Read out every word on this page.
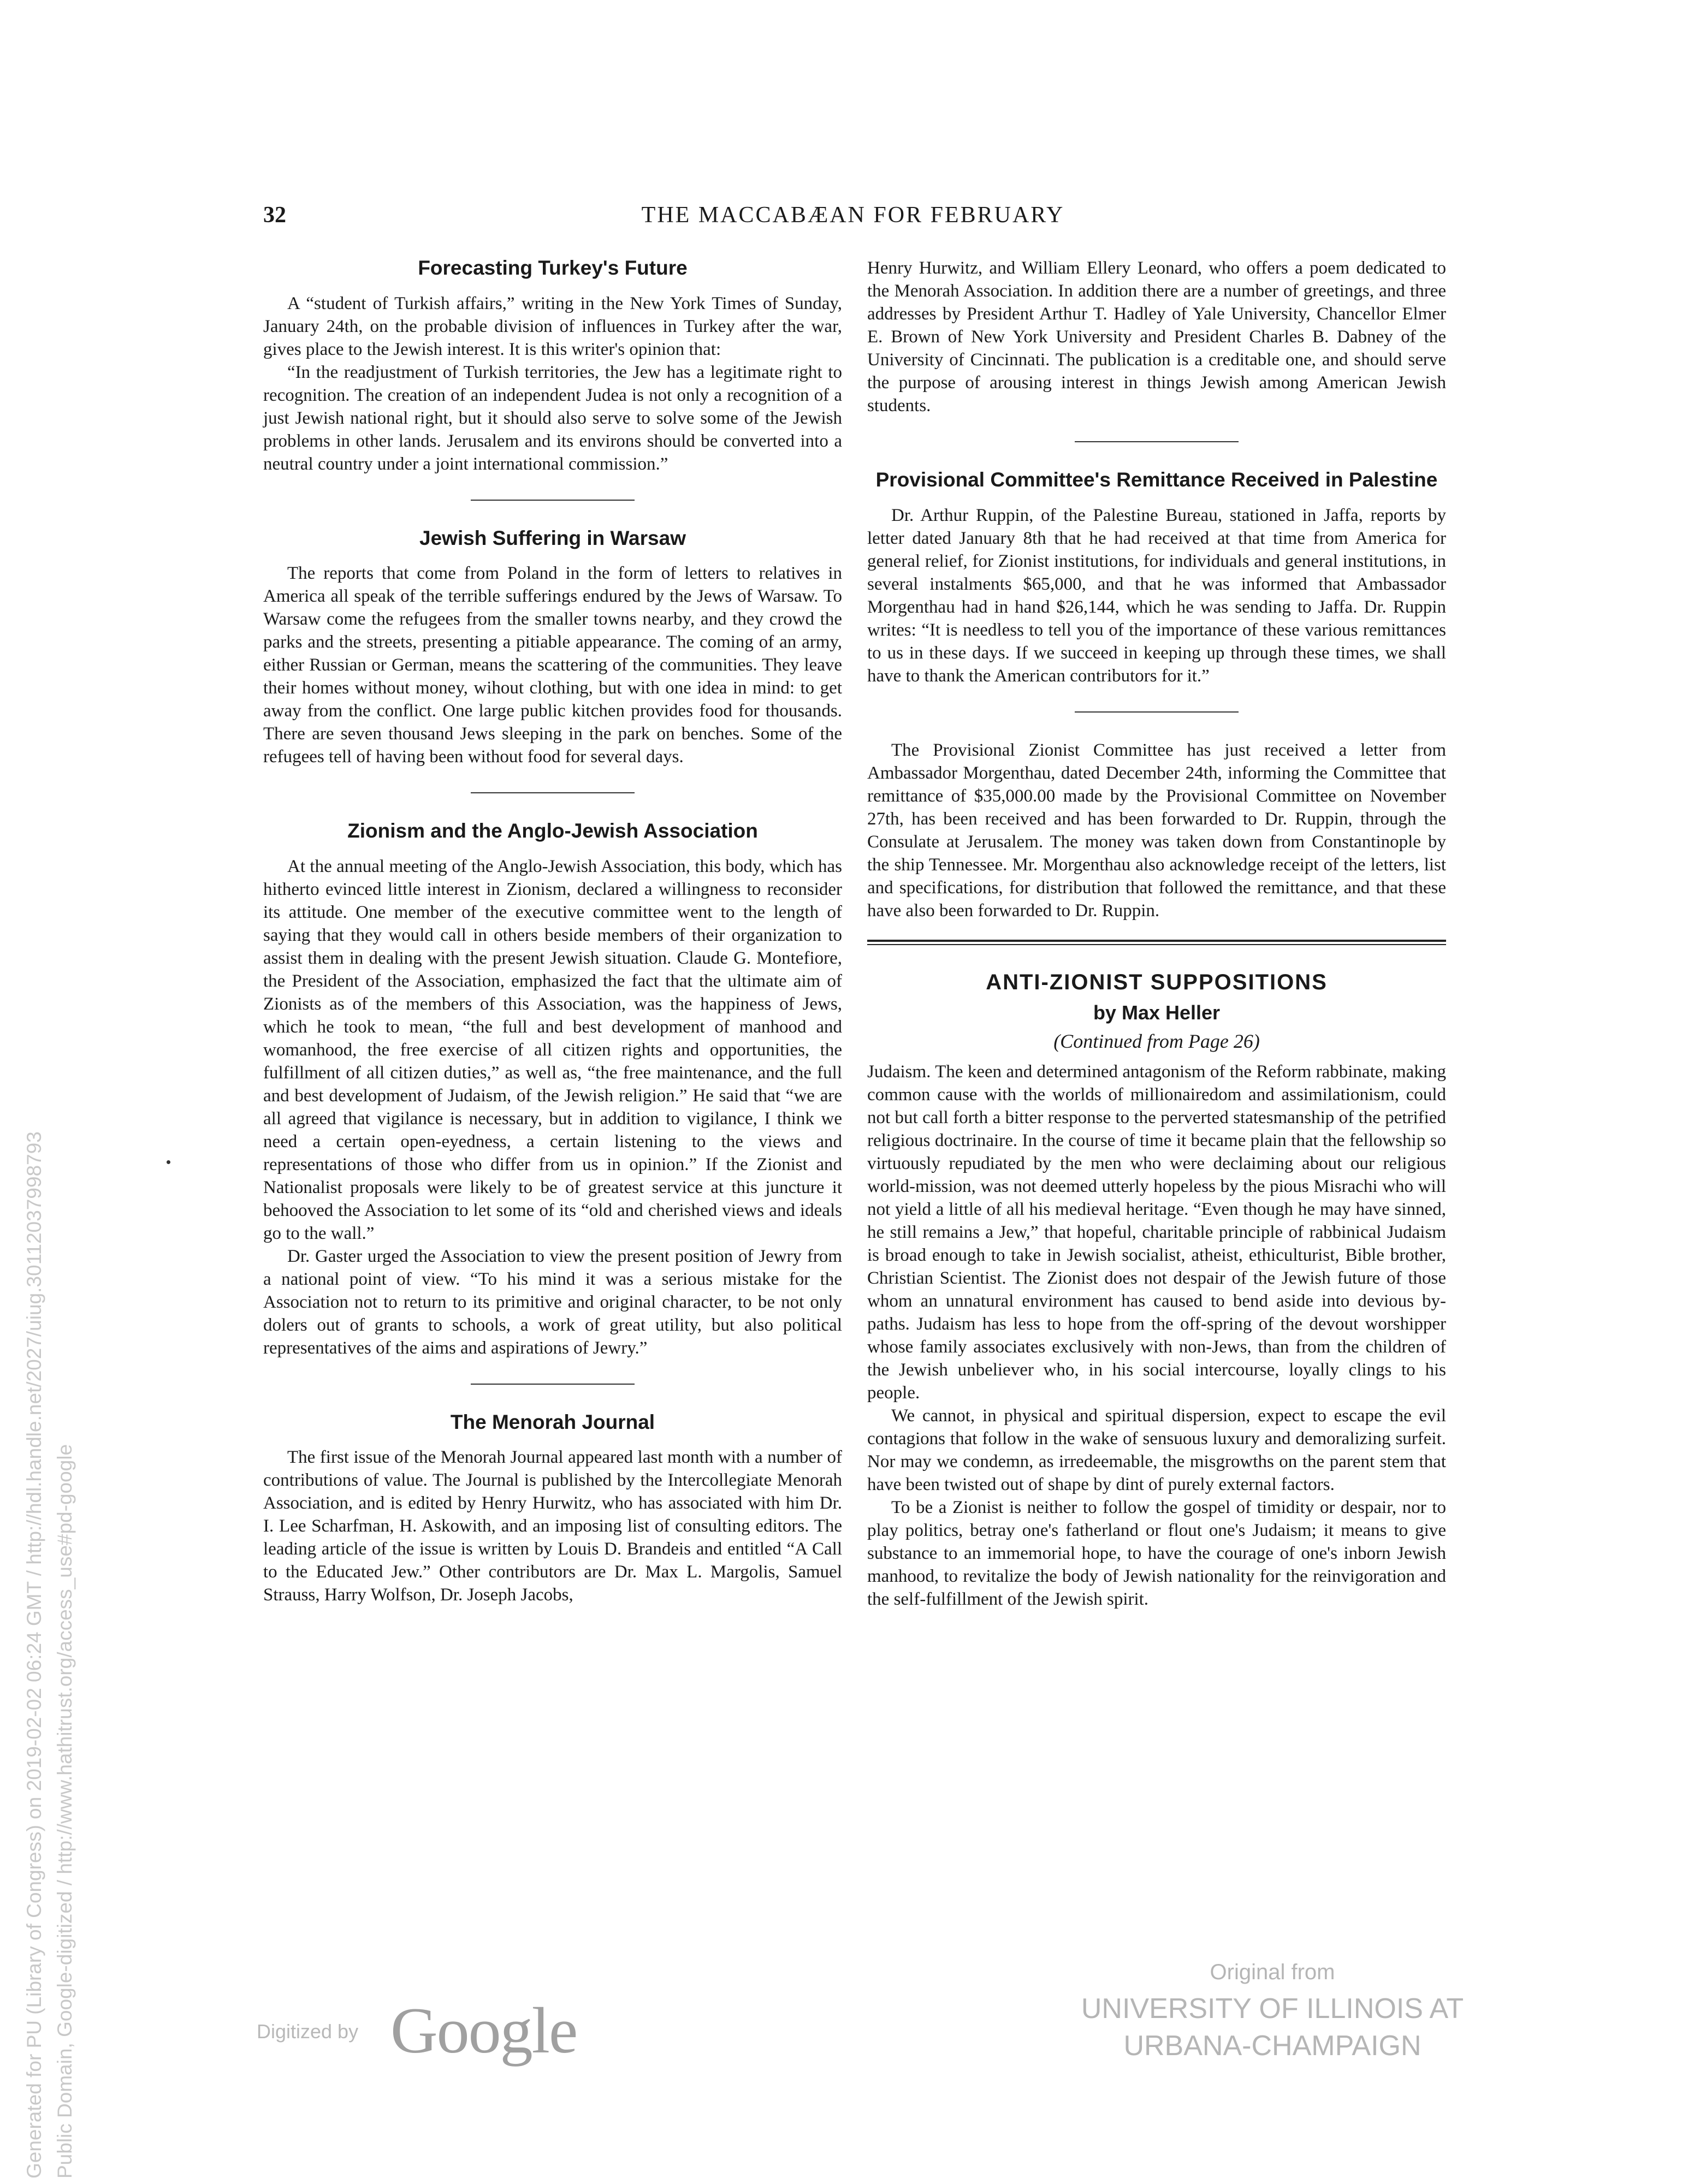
THE MACCABÆAN FOR FEBRUARY
32
Forecasting Turkey's Future

A “student of Turkish affairs,” writing in the New York Times of Sunday, January 24th, on the probable division of influences in Turkey after the war, gives place to the Jewish interest. It is this writer's opinion that:

“In the readjustment of Turkish territories, the Jew has a legitimate right to recognition. The creation of an independent Judea is not only a recognition of a just Jewish national right, but it should also serve to solve some of the Jewish problems in other lands. Jerusalem and its environs should be converted into a neutral country under a joint international commission.”

Jewish Suffering in Warsaw

The reports that come from Poland in the form of letters to relatives in America all speak of the terrible sufferings endured by the Jews of Warsaw. To Warsaw come the refugees from the smaller towns nearby, and they crowd the parks and the streets, presenting a pitiable appearance. The coming of an army, either Russian or German, means the scattering of the communities. They leave their homes without money, wihout clothing, but with one idea in mind: to get away from the conflict. One large public kitchen provides food for thousands. There are seven thousand Jews sleeping in the park on benches. Some of the refugees tell of having been without food for several days.

Zionism and the Anglo-Jewish Association

At the annual meeting of the Anglo-Jewish Association, this body, which has hitherto evinced little interest in Zionism, declared a willingness to reconsider its attitude. One member of the executive committee went to the length of saying that they would call in others beside members of their organization to assist them in dealing with the present Jewish situation. Claude G. Montefiore, the President of the Association, emphasized the fact that the ultimate aim of Zionists as of the members of this Association, was the happiness of Jews, which he took to mean, “the full and best development of manhood and womanhood, the free exercise of all citizen rights and opportunities, the fulfillment of all citizen duties,” as well as, “the free maintenance, and the full and best development of Judaism, of the Jewish religion.” He said that “we are all agreed that vigilance is necessary, but in addition to vigilance, I think we need a certain open-eyedness, a certain listening to the views and representations of those who differ from us in opinion.” If the Zionist and Nationalist proposals were likely to be of greatest service at this juncture it behooved the Association to let some of its “old and cherished views and ideals go to the wall.”

Dr. Gaster urged the Association to view the present position of Jewry from a national point of view. “To his mind it was a serious mistake for the Association not to return to its primitive and original character, to be not only dolers out of grants to schools, a work of great utility, but also political representatives of the aims and aspirations of Jewry.”

The Menorah Journal

The first issue of the Menorah Journal appeared last month with a number of contributions of value. The Journal is published by the Intercollegiate Menorah Association, and is edited by Henry Hurwitz, who has associated with him Dr. I. Lee Scharfman, H. Askowith, and an imposing list of consulting editors. The leading article of the issue is written by Louis D. Brandeis and entitled “A Call to the Educated Jew.” Other contributors are Dr. Max L. Margolis, Samuel Strauss, Harry Wolfson, Dr. Joseph Jacobs,

Henry Hurwitz, and William Ellery Leonard, who offers a poem dedicated to the Menorah Association. In addition there are a number of greetings, and three addresses by President Arthur T. Hadley of Yale University, Chancellor Elmer E. Brown of New York University and President Charles B. Dabney of the University of Cincinnati. The publication is a creditable one, and should serve the purpose of arousing interest in things Jewish among American Jewish students.

Provisional Committee's Remittance Received in Palestine

Dr. Arthur Ruppin, of the Palestine Bureau, stationed in Jaffa, reports by letter dated January 8th that he had received at that time from America for general relief, for Zionist institutions, for individuals and general institutions, in several instalments $65,000, and that he was informed that Ambassador Morgenthau had in hand $26,144, which he was sending to Jaffa. Dr. Ruppin writes: “It is needless to tell you of the importance of these various remittances to us in these days. If we succeed in keeping up through these times, we shall have to thank the American contributors for it.”

The Provisional Zionist Committee has just received a letter from Ambassador Morgenthau, dated December 24th, informing the Committee that remittance of $35,000.00 made by the Provisional Committee on November 27th, has been received and has been forwarded to Dr. Ruppin, through the Consulate at Jerusalem. The money was taken down from Constantinople by the ship Tennessee. Mr. Morgenthau also acknowledge receipt of the letters, list and specifications, for distribution that followed the remittance, and that these have also been forwarded to Dr. Ruppin.

ANTI-ZIONIST SUPPOSITIONS
by Max Heller
(Continued from Page 26)

Judaism. The keen and determined antagonism of the Reform rabbinate, making common cause with the worlds of millionairedom and assimilationism, could not but call forth a bitter response to the perverted statesmanship of the petrified religious doctrinaire. In the course of time it became plain that the fellowship so virtuously repudiated by the men who were declaiming about our religious world-mission, was not deemed utterly hopeless by the pious Misrachi who will not yield a little of all his medieval heritage. “Even though he may have sinned, he still remains a Jew,” that hopeful, charitable principle of rabbinical Judaism is broad enough to take in Jewish socialist, atheist, ethiculturist, Bible brother, Christian Scientist. The Zionist does not despair of the Jewish future of those whom an unnatural environment has caused to bend aside into devious by-paths. Judaism has less to hope from the off-spring of the devout worshipper whose family associates exclusively with non-Jews, than from the children of the Jewish unbeliever who, in his social intercourse, loyally clings to his people.

We cannot, in physical and spiritual dispersion, expect to escape the evil contagions that follow in the wake of sensuous luxury and demoralizing surfeit. Nor may we condemn, as irredeemable, the misgrowths on the parent stem that have been twisted out of shape by dint of purely external factors.

To be a Zionist is neither to follow the gospel of timidity or despair, nor to play politics, betray one's fatherland or flout one's Judaism; it means to give substance to an immemorial hope, to have the courage of one's inborn Jewish manhood, to revitalize the body of Jewish nationality for the reinvigoration and the self-fulfillment of the Jewish spirit.

Digitized by Google
Original from
UNIVERSITY OF ILLINOIS AT
URBANA-CHAMPAIGN
Generated for PU (Library of Congress) on 2019-02-02 06:24 GMT / http://hdl.handle.net/2027/uiug.30112037998793 Public Domain, Google-digitized / http://www.hathitrust.org/access_use#pd-google
